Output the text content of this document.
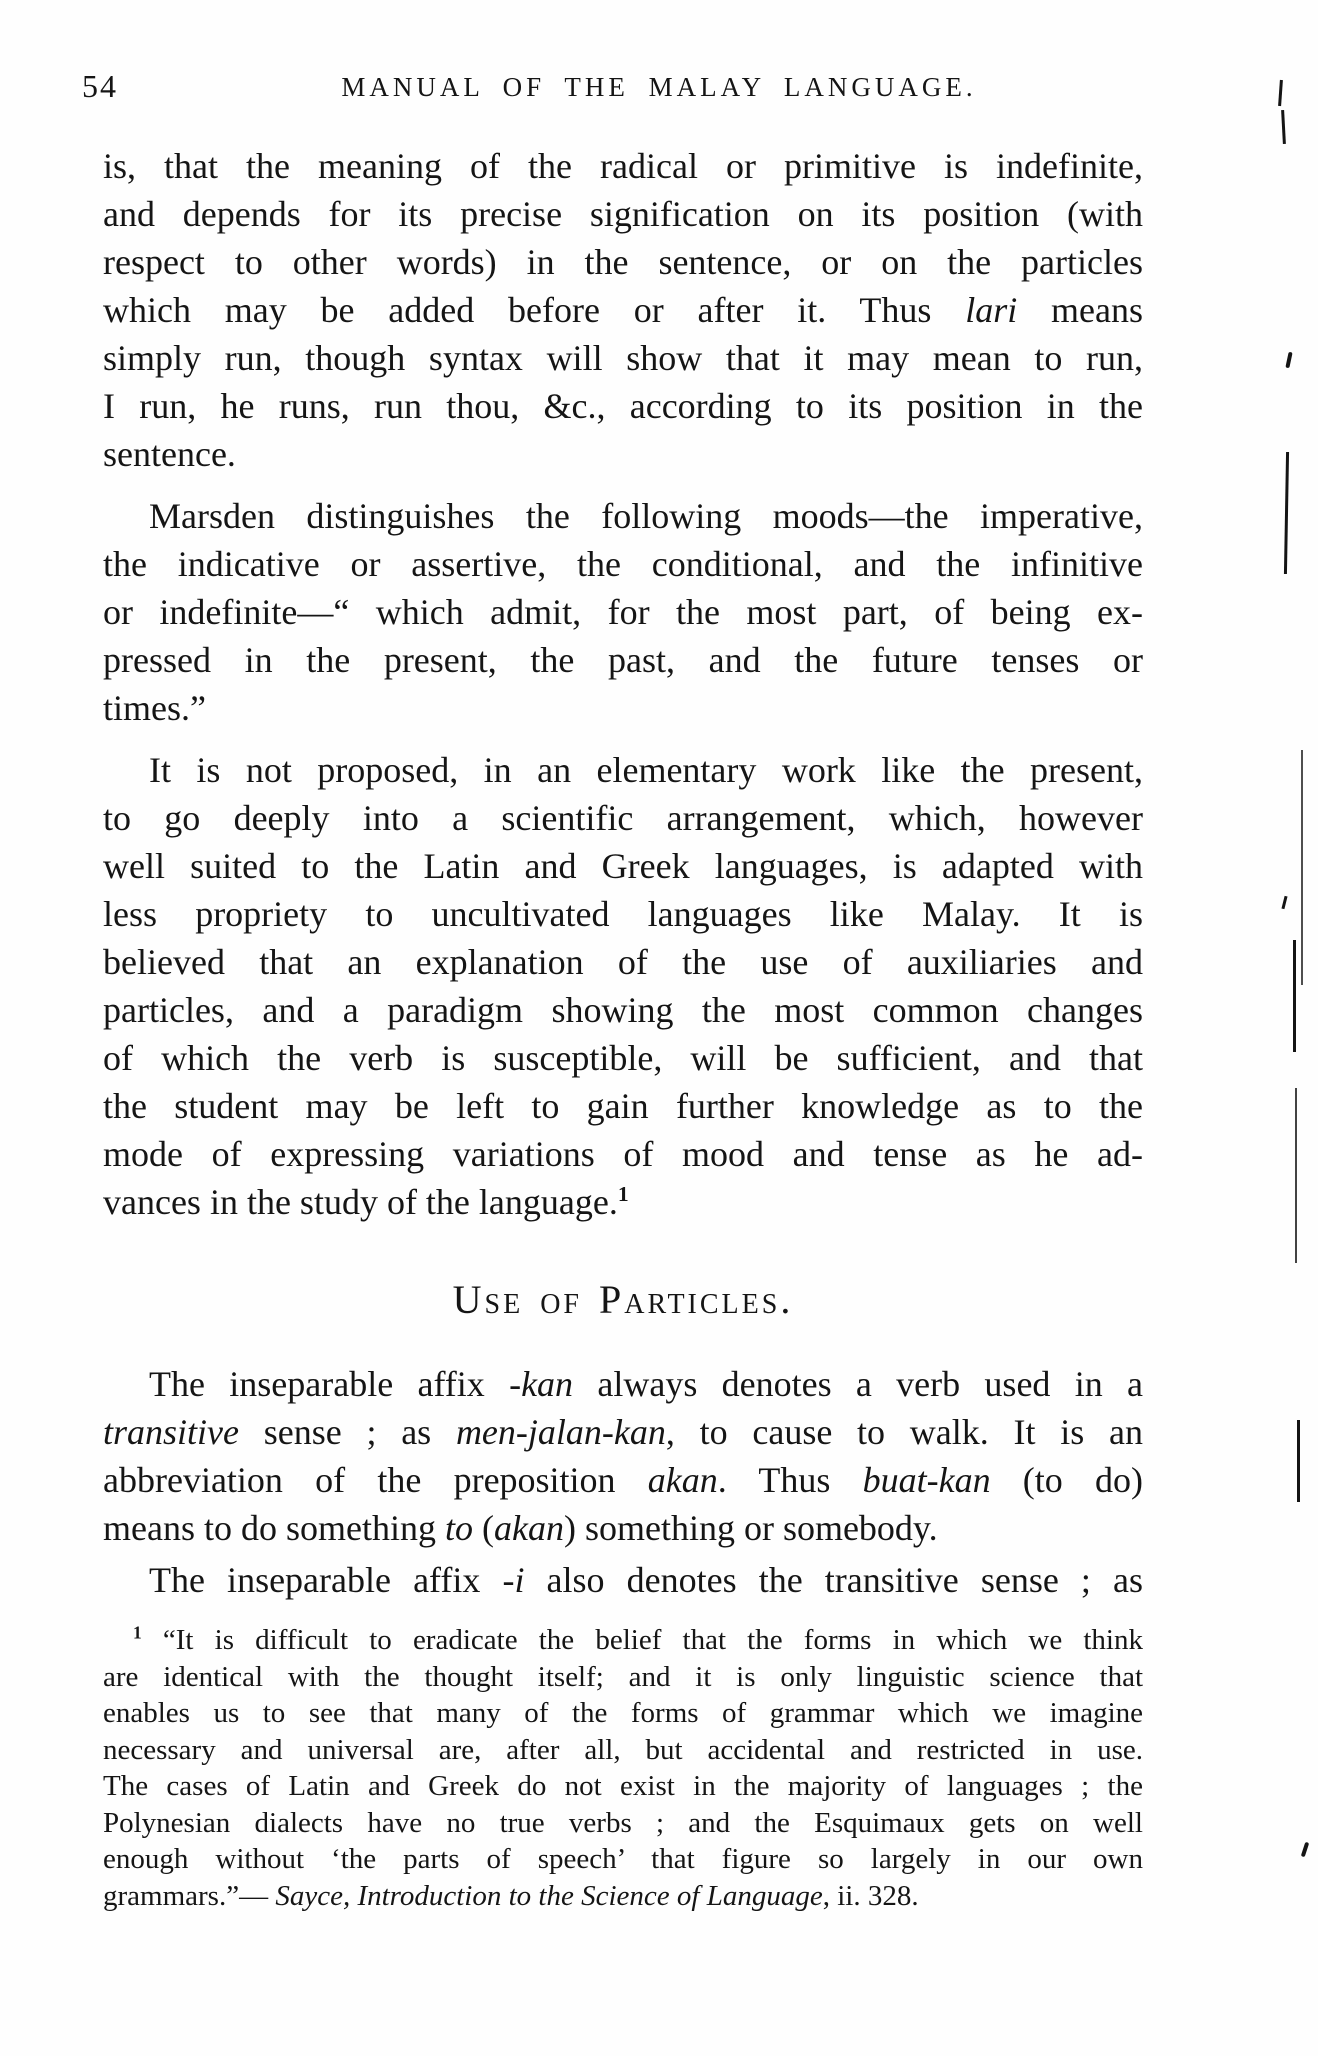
54	MANUAL OF THE MALAY LANGUAGE.
is, that the meaning of the radical or primitive is indefinite,
and depends for its precise signification on its position (with
respect to other words) in the sentence, or on the particles
which may be added before or after it. Thus lari means
simply run, though syntax will show that it may mean to run,
I run, he runs, run thou, &c., according to its position in the
sentence.
Marsden distinguishes the following moods—the imperative,
the indicative or assertive, the conditional, and the infinitive
or indefinite—“ which admit, for the most part, of being ex-
pressed in the present, the past, and the future tenses or
times.”
It is not proposed, in an elementary work like the present,
to go deeply into a scientific arrangement, which, however
well suited to the Latin and Greek languages, is adapted with
less propriety to uncultivated languages like Malay. It is
believed that an explanation of the use of auxiliaries and
particles, and a paradigm showing the most common changes
of which the verb is susceptible, will be sufficient, and that
the student may be left to gain further knowledge as to the
mode of expressing variations of mood and tense as he ad-
vances in the study of the language.$^1$
Use of Particles.
The inseparable affix -kan always denotes a verb used in a
transitive sense ; as men-jalan-kan, to cause to walk. It is an
abbreviation of the preposition akan. Thus buat-kan (to do)
means to do something to (akan) something or somebody.
The inseparable affix -i also denotes the transitive sense ; as
$^1$ “It is difficult to eradicate the belief that the forms in which we think
are identical with the thought itself; and it is only linguistic science that
enables us to see that many of the forms of grammar which we imagine
necessary and universal are, after all, but accidental and restricted in use.
The cases of Latin and Greek do not exist in the majority of languages ; the
Polynesian dialects have no true verbs ; and the Esquimaux gets on well
enough without ‘the parts of speech’ that figure so largely in our own
grammars.”— Sayce, Introduction to the Science of Language, ii. 328.
